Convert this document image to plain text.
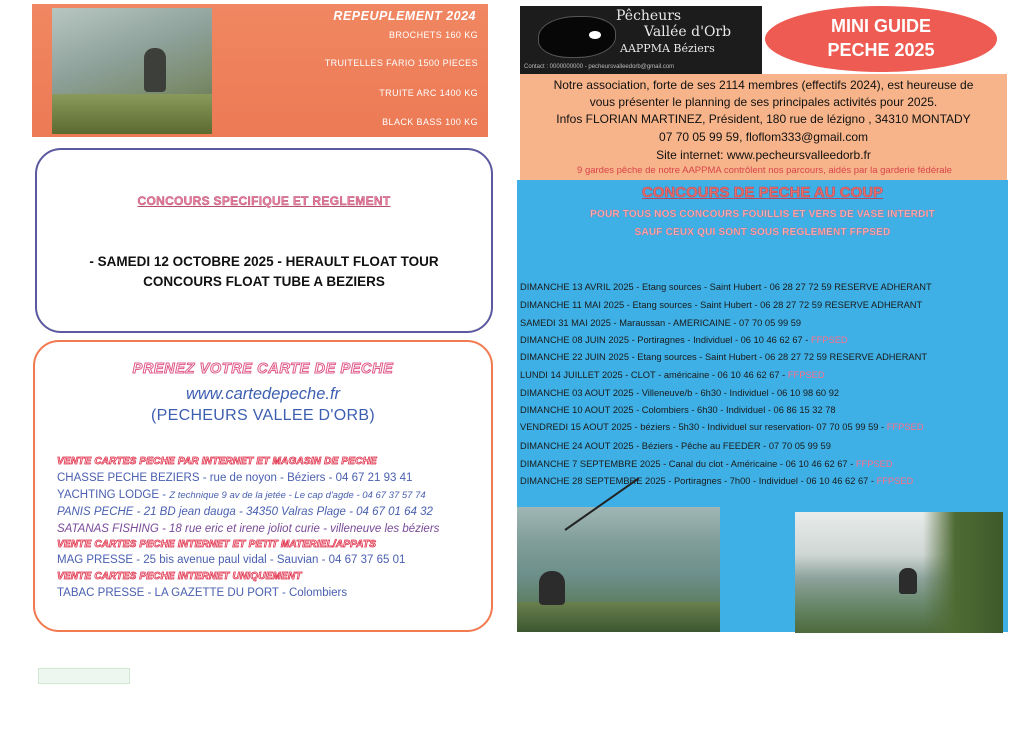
REPEUPLEMENT 2024
BROCHETS 160 KG
TRUITELLES FARIO 1500 PIECES
TRUITE ARC 1400 KG
BLACK BASS 100 KG
CONCOURS SPECIFIQUE ET REGLEMENT
- SAMEDI 12 OCTOBRE 2025 - HERAULT FLOAT TOUR
CONCOURS FLOAT TUBE A BEZIERS
PRENEZ VOTRE CARTE DE PECHE
www.cartedepeche.fr
(PECHEURS VALLEE D'ORB)
VENTE CARTES PECHE PAR INTERNET ET MAGASIN DE PECHE
CHASSE PECHE BEZIERS - rue de noyon - Béziers - 04 67 21 93 41
YACHTING LODGE - Z technique 9 av de la jetée - Le cap d'agde - 04 67 37 57 74
PANIS PECHE - 21 BD jean dauga - 34350 Valras Plage - 04 67 01 64 32
SATANAS FISHING - 18 rue eric et irene joliot curie - villeneuve les béziers
VENTE CARTES PECHE INTERNET ET PETIT MATERIEL/APPATS
MAG PRESSE - 25 bis avenue paul vidal - Sauvian - 04 67 37 65 01
VENTE CARTES PECHE INTERNET UNIQUEMENT
TABAC PRESSE - LA GAZETTE DU PORT - Colombiers
Pêcheurs
Vallée d'Orb
AAPPMA Béziers
Contact : 0000000000 - pecheursvalleedorb@gmail.com
MINI GUIDE
PECHE 2025
Notre association, forte de ses 2114 membres (effectifs 2024), est heureuse de
vous présenter le planning de ses principales activités pour 2025.
Infos FLORIAN MARTINEZ, Président, 180 rue de lézigno , 34310 MONTADY
07 70 05 99 59, floflom333@gmail.com
Site internet: www.pecheursvalleedorb.fr
9 gardes pêche de notre AAPPMA contrôlent nos parcours, aidés par la garderie fédérale
CONCOURS DE PECHE AU COUP
POUR TOUS NOS CONCOURS FOUILLIS ET VERS DE VASE INTERDIT
SAUF CEUX QUI SONT SOUS REGLEMENT FFPSED
DIMANCHE 13 AVRIL 2025 - Etang sources - Saint Hubert - 06 28 27 72 59 RESERVE ADHERANT
DIMANCHE 11 MAI 2025 - Etang sources - Saint Hubert - 06 28 27 72 59 RESERVE ADHERANT
SAMEDI 31 MAI 2025 - Maraussan - AMERICAINE - 07 70 05 99 59
DIMANCHE 08 JUIN 2025 - Portiragnes - Individuel - 06 10 46 62 67 - FFPSED
DIMANCHE 22 JUIN 2025 - Etang sources - Saint Hubert - 06 28 27 72 59 RESERVE ADHERANT
LUNDI 14 JUILLET 2025 - CLOT - américaine - 06 10 46 62 67 - FFPSED
DIMANCHE 03 AOUT 2025 - Villeneuve/b - 6h30 - Individuel - 06 10 98 60 92
DIMANCHE 10 AOUT 2025 - Colombiers - 6h30 - Individuel - 06 86 15 32 78
VENDREDI 15 AOUT 2025 - béziers - 5h30 - Individuel sur reservation- 07 70 05 99 59 - FFPSED
DIMANCHE 24 AOUT 2025 - Béziers - Pêche au FEEDER - 07 70 05 99 59
DIMANCHE 7 SEPTEMBRE 2025 - Canal du clot - Américaine - 06 10 46 62 67 - FFPSED
DIMANCHE 28 SEPTEMBRE 2025 - Portiragnes - 7h00 - Individuel - 06 10 46 62 67 - FFPSED
